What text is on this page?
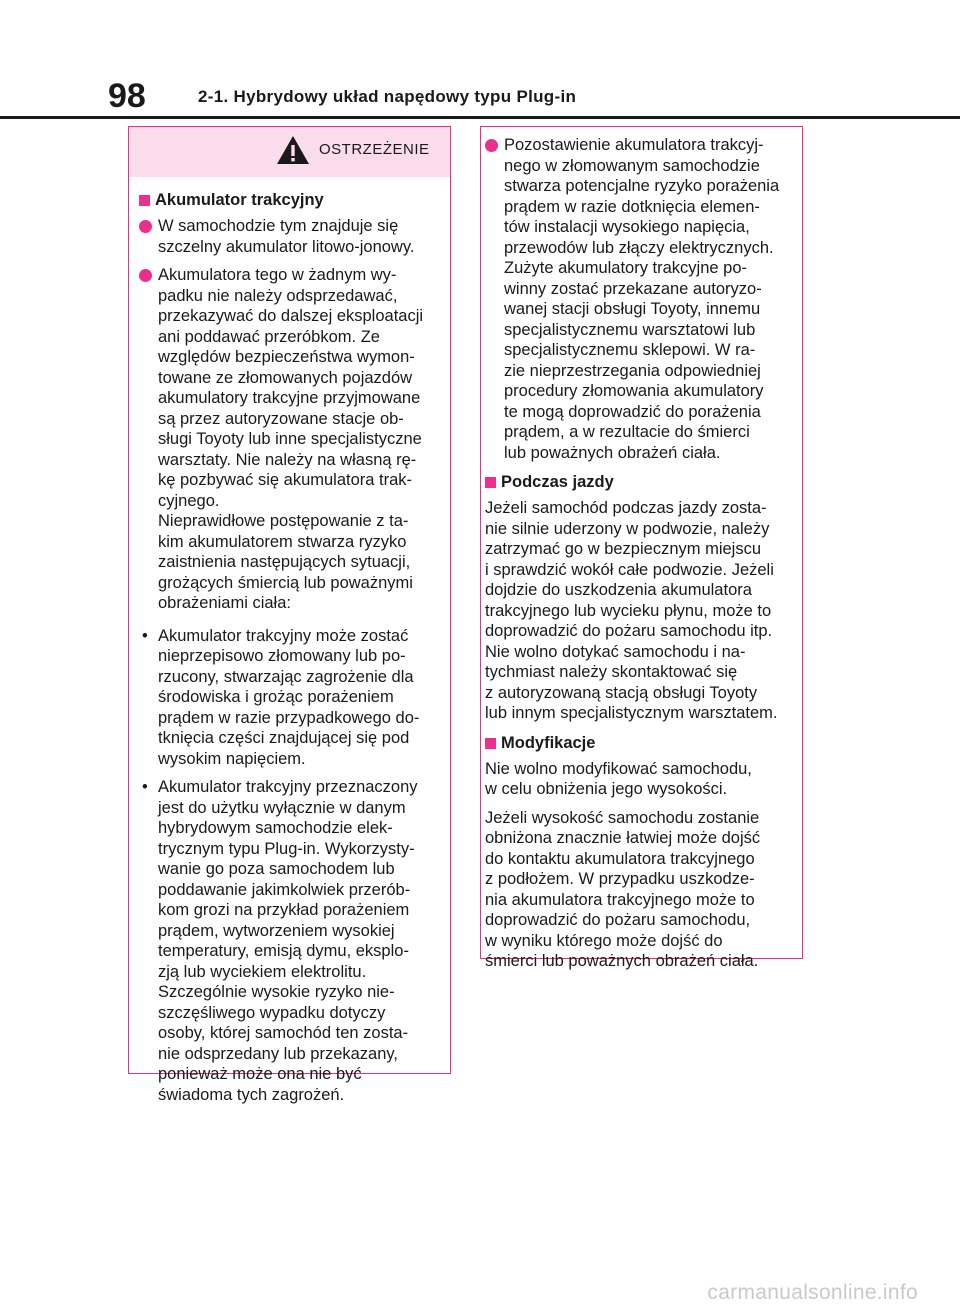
98	2-1. Hybrydowy układ napędowy typu Plug-in
OSTRZEŻENIE
Akumulator trakcyjny
W samochodzie tym znajduje się
szczelny akumulator litowo-jonowy.
Akumulatora tego w żadnym wy-
padku nie należy odsprzedawać,
przekazywać do dalszej eksploatacji
ani poddawać przeróbkom. Ze
względów bezpieczeństwa wymon-
towane ze złomowanych pojazdów
akumulatory trakcyjne przyjmowane
są przez autoryzowane stacje ob-
sługi Toyoty lub inne specjalistyczne
warsztaty. Nie należy na własną rę-
kę pozbywać się akumulatora trak-
cyjnego.
Nieprawidłowe postępowanie z ta-
kim akumulatorem stwarza ryzyko
zaistnienia następujących sytuacji,
grożących śmiercią lub poważnymi
obrażeniami ciała:
• Akumulator trakcyjny może zostać
nieprzepisowo złomowany lub po-
rzucony, stwarzając zagrożenie dla
środowiska i grożąc porażeniem
prądem w razie przypadkowego do-
tknięcia części znajdującej się pod
wysokim napięciem.
• Akumulator trakcyjny przeznaczony
jest do użytku wyłącznie w danym
hybrydowym samochodzie elek-
trycznym typu Plug-in. Wykorzysty-
wanie go poza samochodem lub
poddawanie jakimkolwiek przerób-
kom grozi na przykład porażeniem
prądem, wytworzeniem wysokiej
temperatury, emisją dymu, eksplo-
zją lub wyciekiem elektrolitu.
Szczególnie wysokie ryzyko nie-
szczęśliwego wypadku dotyczy
osoby, której samochód ten zosta-
nie odsprzedany lub przekazany,
ponieważ może ona nie być
świadoma tych zagrożeń.
Pozostawienie akumulatora trakcyj-
nego w złomowanym samochodzie
stwarza potencjalne ryzyko porażenia
prądem w razie dotknięcia elemen-
tów instalacji wysokiego napięcia,
przewodów lub złączy elektrycznych.
Zużyte akumulatory trakcyjne po-
winny zostać przekazane autoryzo-
wanej stacji obsługi Toyoty, innemu
specjalistycznemu warsztatowi lub
specjalistycznemu sklepowi. W ra-
zie nieprzestrzegania odpowiedniej
procedury złomowania akumulatory
te mogą doprowadzić do porażenia
prądem, a w rezultacie do śmierci
lub poważnych obrażeń ciała.
Podczas jazdy
Jeżeli samochód podczas jazdy zosta-
nie silnie uderzony w podwozie, należy
zatrzymać go w bezpiecznym miejscu
i sprawdzić wokół całe podwozie. Jeżeli
dojdzie do uszkodzenia akumulatora
trakcyjnego lub wycieku płynu, może to
doprowadzić do pożaru samochodu itp.
Nie wolno dotykać samochodu i na-
tychmiast należy skontaktować się
z autoryzowaną stacją obsługi Toyoty
lub innym specjalistycznym warsztatem.
Modyfikacje
Nie wolno modyfikować samochodu,
w celu obniżenia jego wysokości.
Jeżeli wysokość samochodu zostanie
obniżona znacznie łatwiej może dojść
do kontaktu akumulatora trakcyjnego
z podłożem. W przypadku uszkodze-
nia akumulatora trakcyjnego może to
doprowadzić do pożaru samochodu,
w wyniku którego może dojść do
śmierci lub poważnych obrażeń ciała.
carmanualsonline.info
